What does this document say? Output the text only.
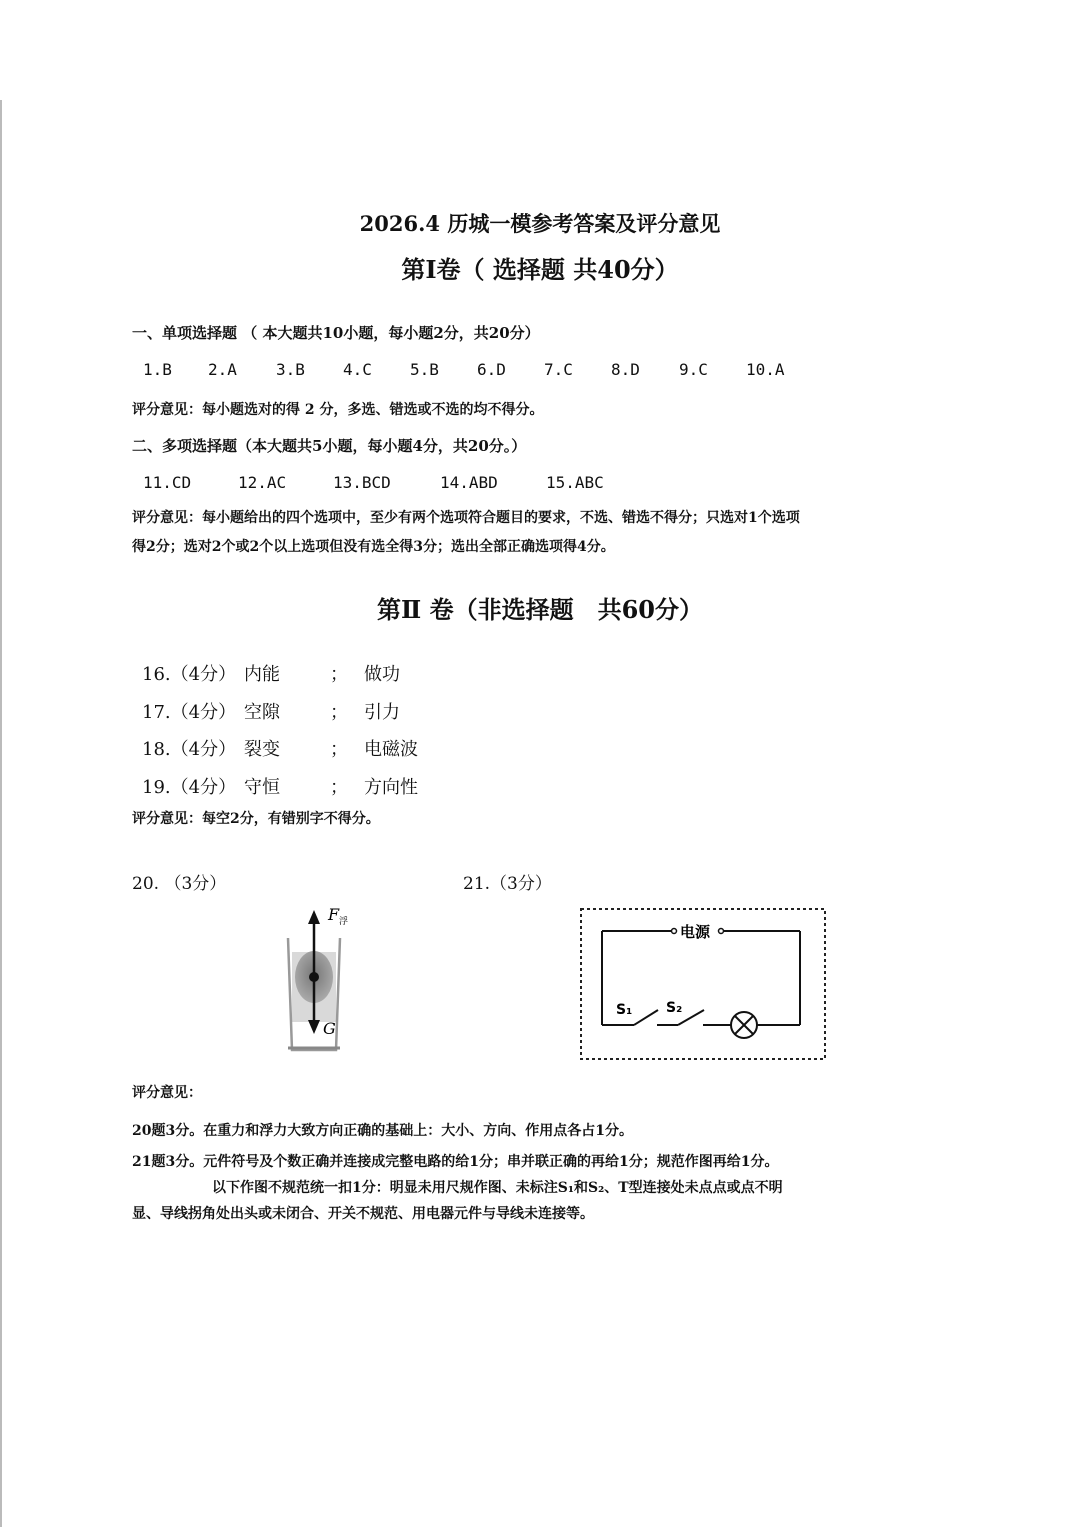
2026.4 历城一模参考答案及评分意见
第Ⅰ卷（ 选择题 共40分）
一、单项选择题 （ 本大题共10小题，每小题2分，共20分）
1.B 2.A 3.B 4.C 5.B 6.D 7.C 8.D 9.C 10.A
评分意见：每小题选对的得 2 分，多选、错选或不选的均不得分。
二、多项选择题（本大题共5小题，每小题4分，共20分。）
11.CD	12.AC	13.BCD	14.ABD	15.ABC
评分意见：每小题给出的四个选项中，至少有两个选项符合题目的要求，不选、错选不得分；只选对1个选项
得2分；选对2个或2个以上选项但没有选全得3分；选出全部正确选项得4分。
第Ⅱ 卷（非选择题　共60分）
16.（4分） 内能	； 做功
17.（4分） 空隙	； 引力
18.（4分） 裂变	； 电磁波
19.（4分） 守恒	； 方向性
评分意见：每空2分，有错别字不得分。
20. （3分）	21.（3分）
F 浮
G
电源
S₁ S₂
评分意见：
20题3分。在重力和浮力大致方向正确的基础上：大小、方向、作用点各占1分。
21题3分。元件符号及个数正确并连接成完整电路的给1分；串并联正确的再给1分；规范作图再给1分。
以下作图不规范统一扣1分：明显未用尺规作图、未标注S₁和S₂、T型连接处未点点或点不明
显、导线拐角处出头或未闭合、开关不规范、用电器元件与导线未连接等。
